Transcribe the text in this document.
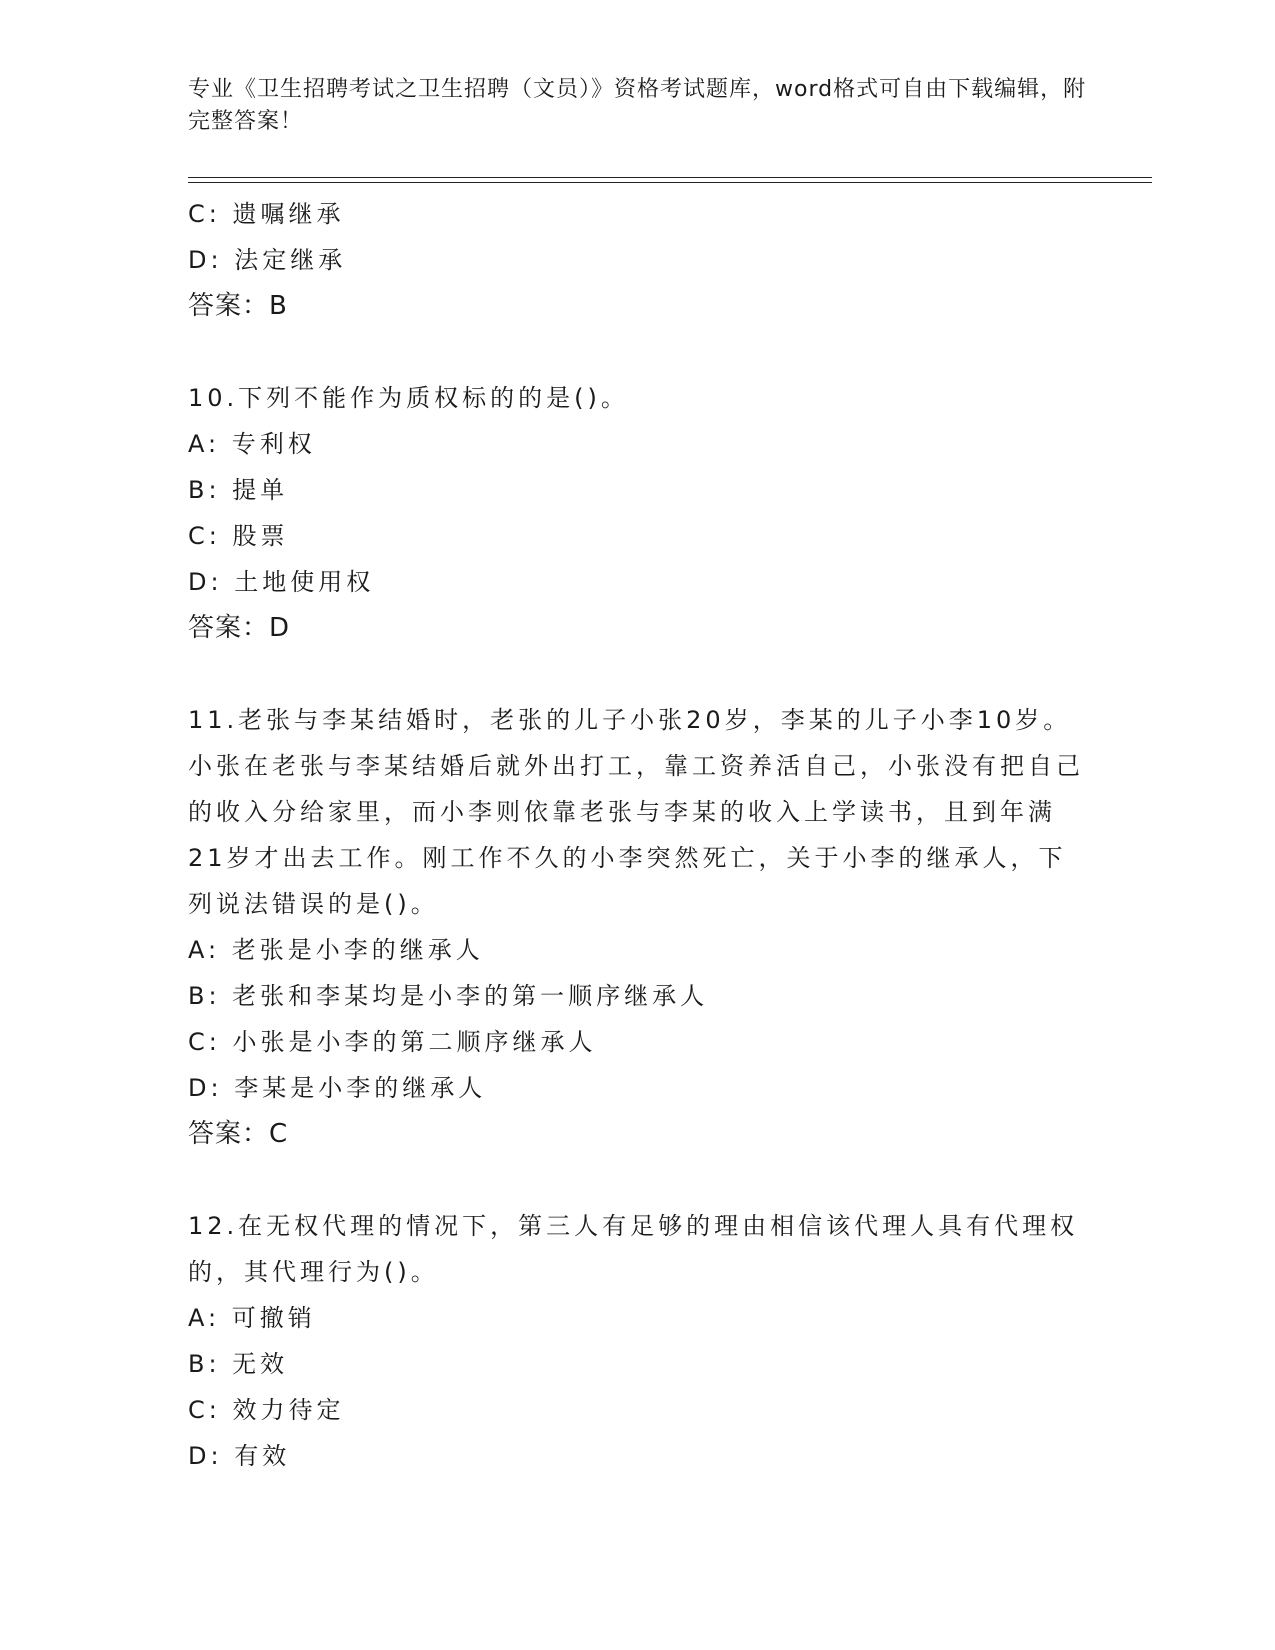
专业《卫生招聘考试之卫生招聘（文员）》资格考试题库，word格式可自由下载编辑，附完整答案！
C: 遗嘱继承
D: 法定继承
答案：B
10.下列不能作为质权标的的是()。
A: 专利权
B: 提单
C: 股票
D: 土地使用权
答案：D
11.老张与李某结婚时，老张的儿子小张20岁，李某的儿子小李10岁。小张在老张与李某结婚后就外出打工，靠工资养活自己，小张没有把自己的收入分给家里，而小李则依靠老张与李某的收入上学读书，且到年满21岁才出去工作。刚工作不久的小李突然死亡，关于小李的继承人，下列说法错误的是()。
A: 老张是小李的继承人
B: 老张和李某均是小李的第一顺序继承人
C: 小张是小李的第二顺序继承人
D: 李某是小李的继承人
答案：C
12.在无权代理的情况下，第三人有足够的理由相信该代理人具有代理权的，其代理行为()。
A: 可撤销
B: 无效
C: 效力待定
D: 有效
